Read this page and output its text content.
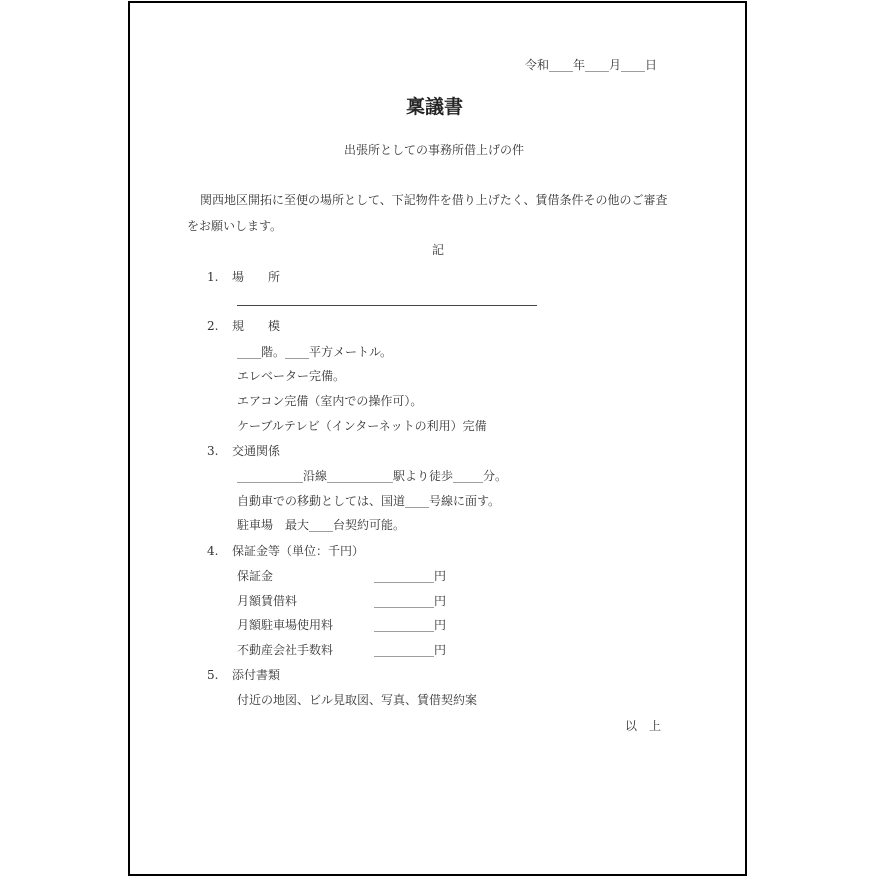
令和____年____月____日
稟議書
出張所としての事務所借上げの件
関西地区開拓に至便の場所として、下記物件を借り上げたく、賃借条件その他のご審査
をお願いします。
記
1. 場　　所
2. 規　　模
____階。____平方メートル。
エレベーター完備。
エアコン完備（室内での操作可）。
ケーブルテレビ（インターネットの利用）完備
3. 交通関係
___________沿線___________駅より徒歩_____分。
自動車での移動としては、国道____号線に面す。
駐車場　最大____台契約可能。
4. 保証金等（単位：千円）
保証金	__________円
月額賃借料	__________円
月額駐車場使用料	__________円
不動産会社手数料	__________円
5. 添付書類
付近の地図、ビル見取図、写真、賃借契約案
以　上
